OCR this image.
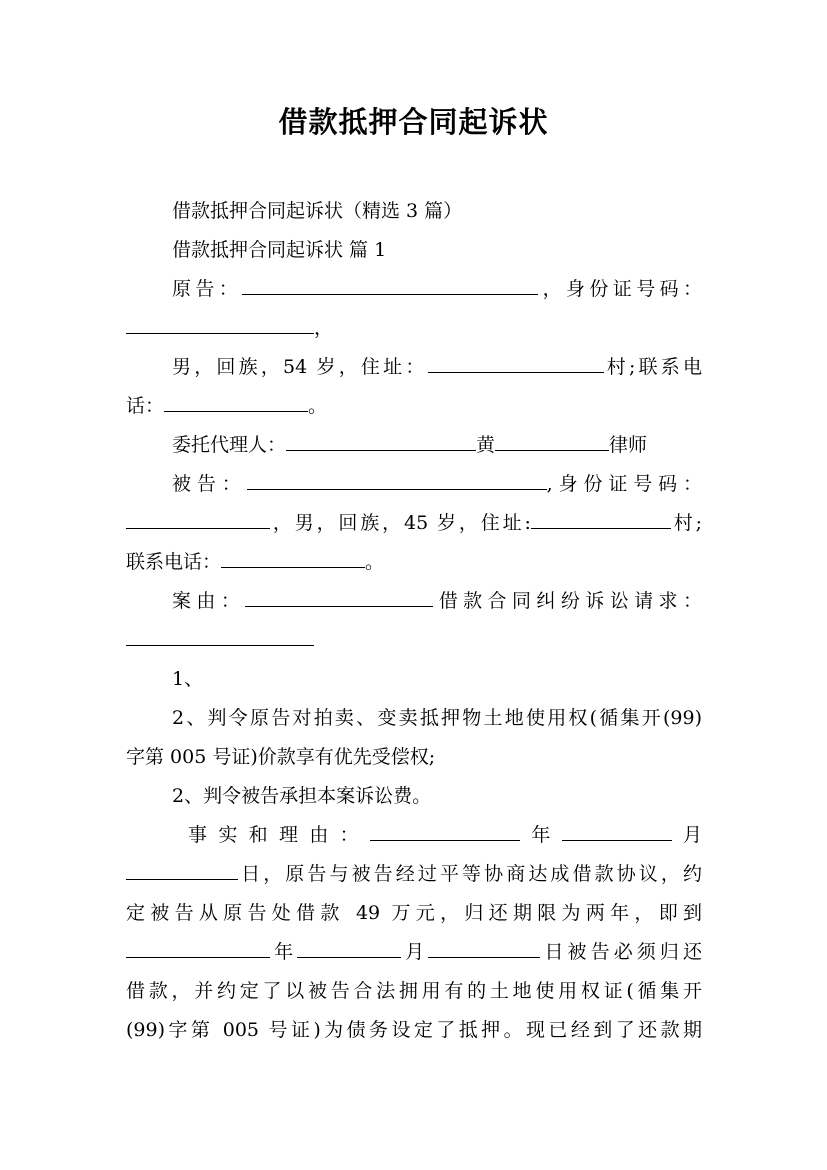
借款抵押合同起诉状
借款抵押合同起诉状（精选 3 篇）
借款抵押合同起诉状 篇 1
原告：	，身份证号码：
，
男，回族，54 岁，住址：	村;联系电
话：	。
委托代理人：	黄	律师
被告：	,身份证号码：
，男，回族，45 岁，住址:	村;
联系电话：	。
案由：	借款合同纠纷诉讼请求：
1、
2、判令原告对拍卖、变卖抵押物土地使用权(循集开(99)
字第 005 号证)价款享有优先受偿权;
2、判令被告承担本案诉讼费。
事实和理由：	年	月
日，原告与被告经过平等协商达成借款协议，约
定被告从原告处借款 49 万元，归还期限为两年，即到
年	月	日被告必须归还
借款，并约定了以被告合法拥用有的土地使用权证(循集开
(99)字第 005 号证)为债务设定了抵押。现已经到了还款期
